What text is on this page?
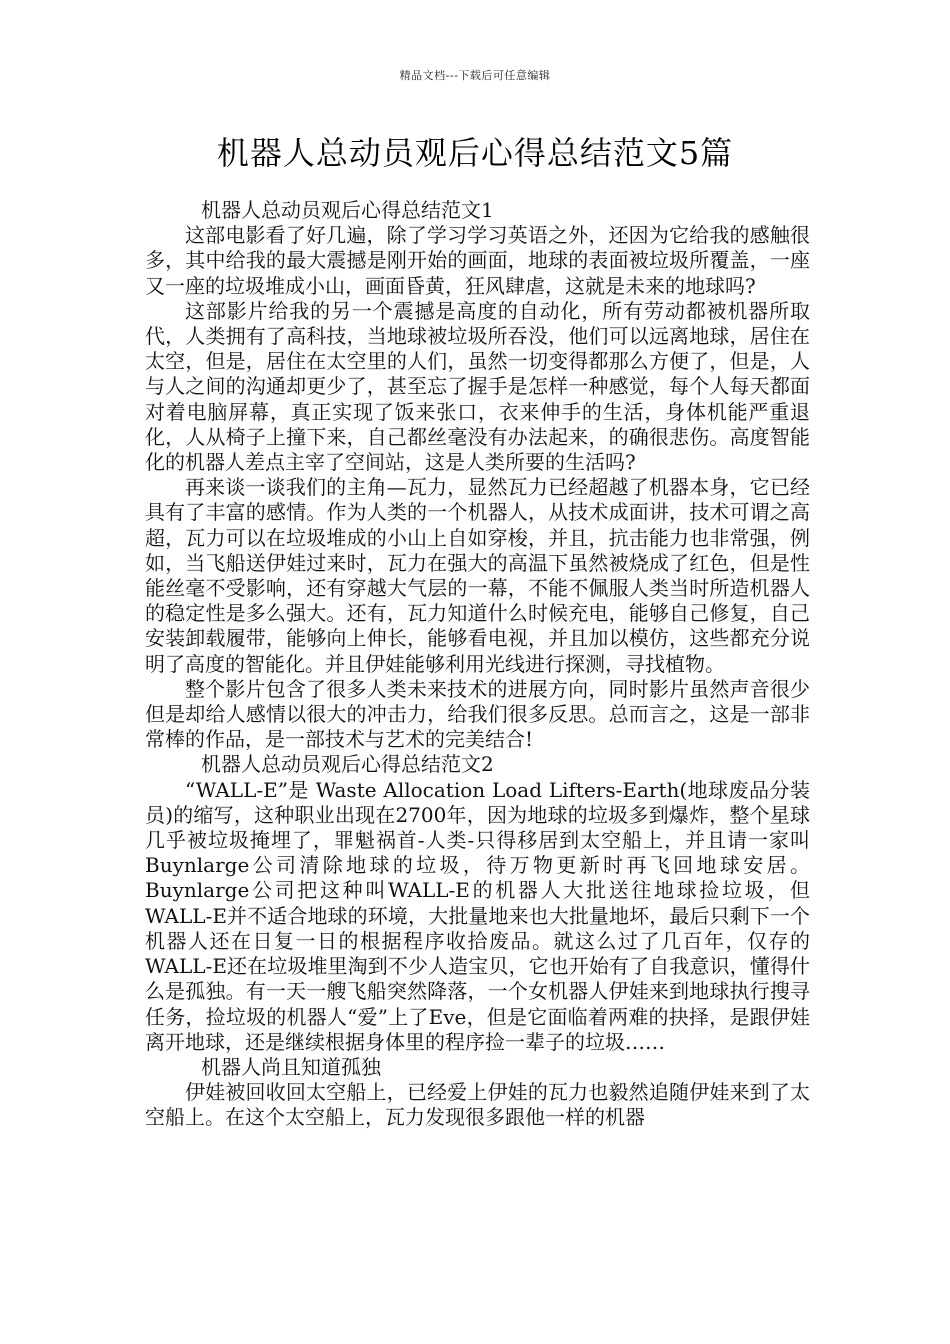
精品文档---下载后可任意编辑
机器人总动员观后心得总结范文5篇

机器人总动员观后心得总结范文1

这部电影看了好几遍，除了学习学习英语之外，还因为它给我的感触很多，其中给我的最大震撼是刚开始的画面，地球的表面被垃圾所覆盖，一座又一座的垃圾堆成小山，画面昏黄，狂风肆虐，这就是未来的地球吗?

这部影片给我的另一个震撼是高度的自动化，所有劳动都被机器所取代，人类拥有了高科技，当地球被垃圾所吞没，他们可以远离地球，居住在太空，但是，居住在太空里的人们，虽然一切变得都那么方便了，但是，人与人之间的沟通却更少了，甚至忘了握手是怎样一种感觉，每个人每天都面对着电脑屏幕，真正实现了饭来张口，衣来伸手的生活，身体机能严重退化，人从椅子上撞下来，自己都丝毫没有办法起来，的确很悲伤。高度智能化的机器人差点主宰了空间站，这是人类所要的生活吗?

再来谈一谈我们的主角—瓦力，显然瓦力已经超越了机器本身，它已经具有了丰富的感情。作为人类的一个机器人，从技术成面讲，技术可谓之高超，瓦力可以在垃圾堆成的小山上自如穿梭，并且，抗击能力也非常强，例如，当飞船送伊娃过来时，瓦力在强大的高温下虽然被烧成了红色，但是性能丝毫不受影响，还有穿越大气层的一幕，不能不佩服人类当时所造机器人的稳定性是多么强大。还有，瓦力知道什么时候充电，能够自己修复，自己安装卸载履带，能够向上伸长，能够看电视，并且加以模仿，这些都充分说明了高度的智能化。并且伊娃能够利用光线进行探测，寻找植物。

整个影片包含了很多人类未来技术的进展方向，同时影片虽然声音很少但是却给人感情以很大的冲击力，给我们很多反思。总而言之，这是一部非常棒的作品，是一部技术与艺术的完美结合!

机器人总动员观后心得总结范文2

“WALL-E”是 Waste Allocation Load Lifters-Earth(地球废品分装员)的缩写，这种职业出现在2700年，因为地球的垃圾多到爆炸，整个星球几乎被垃圾掩埋了，罪魁祸首-人类-只得移居到太空船上，并且请一家叫Buynlarge公司清除地球的垃圾，待万物更新时再飞回地球安居。Buynlarge公司把这种叫WALL-E的机器人大批送往地球捡垃圾，但WALL-E并不适合地球的环境，大批量地来也大批量地坏，最后只剩下一个机器人还在日复一日的根据程序收拾废品。就这么过了几百年，仅存的WALL-E还在垃圾堆里淘到不少人造宝贝，它也开始有了自我意识，懂得什么是孤独。有一天一艘飞船突然降落，一个女机器人伊娃来到地球执行搜寻任务，捡垃圾的机器人“爱”上了Eve，但是它面临着两难的抉择，是跟伊娃离开地球，还是继续根据身体里的程序捡一辈子的垃圾……

机器人尚且知道孤独

伊娃被回收回太空船上，已经爱上伊娃的瓦力也毅然追随伊娃来到了太空船上。在这个太空船上，瓦力发现很多跟他一样的机器
